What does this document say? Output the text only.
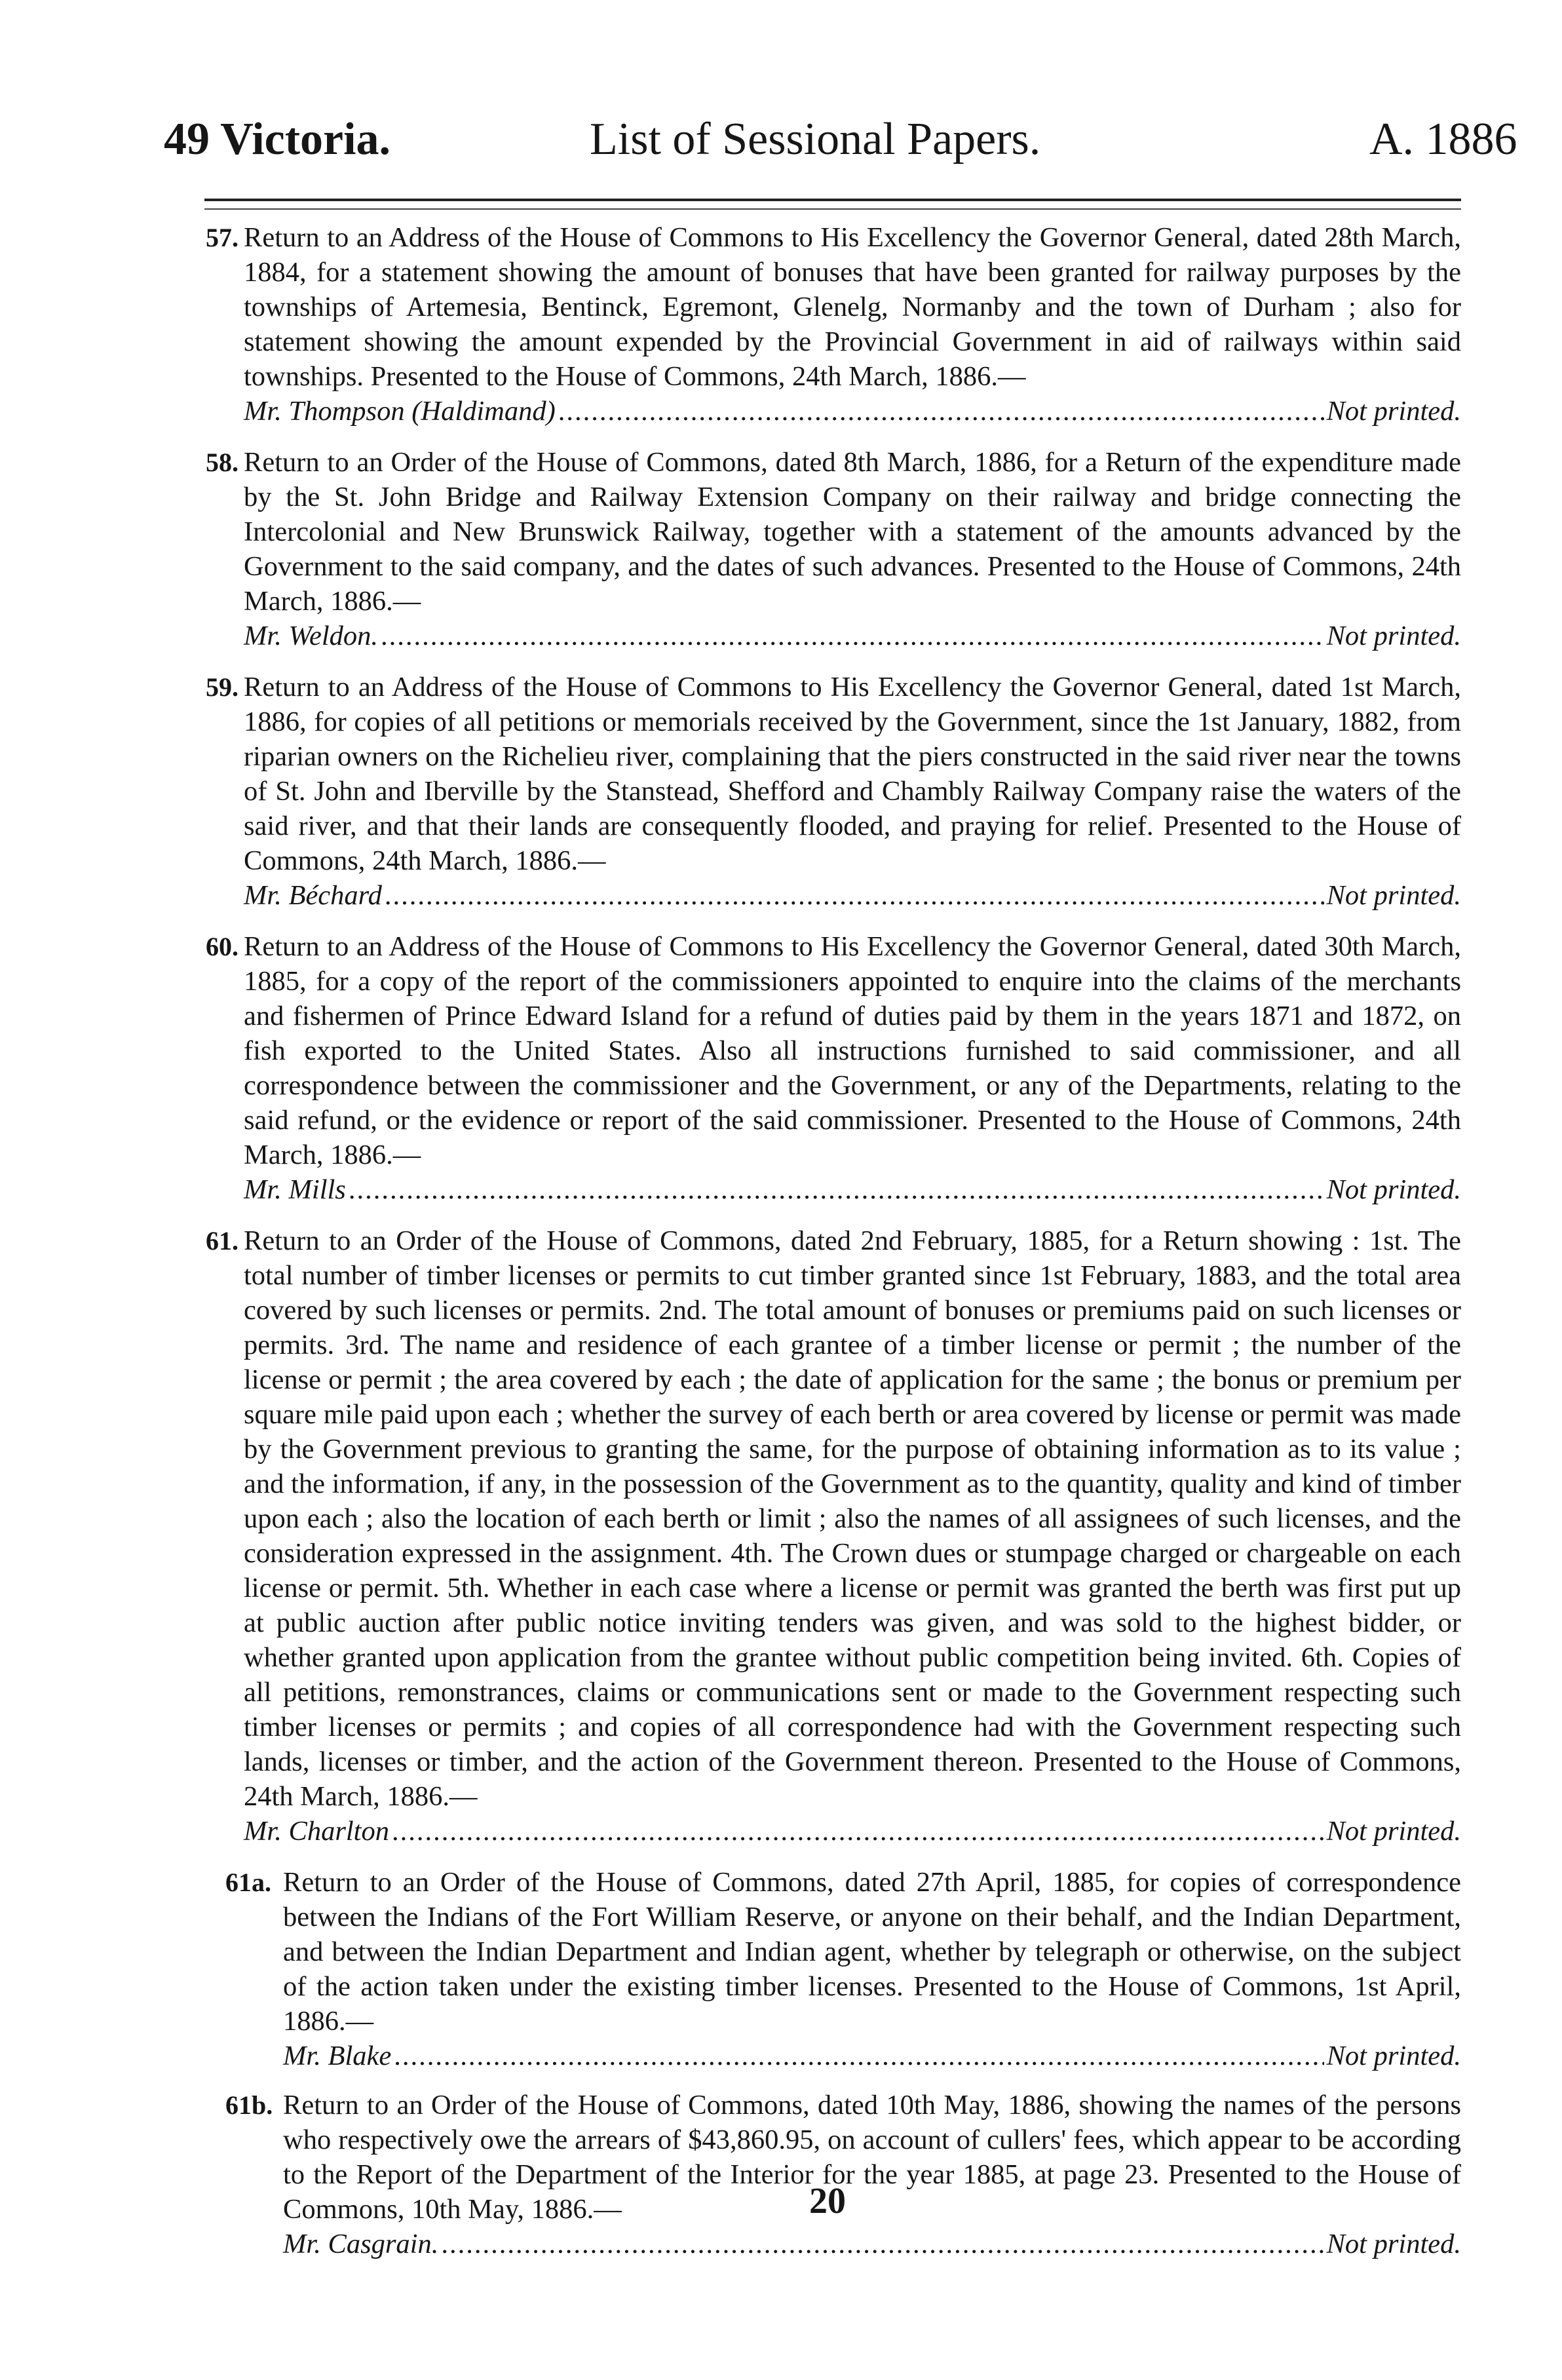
49 Victoria.	List of Sessional Papers.	A. 1886
57. Return to an Address of the House of Commons to His Excellency the Governor General, dated 28th March, 1884, for a statement showing the amount of bonuses that have been granted for railway purposes by the townships of Artemesia, Bentinck, Egremont, Glenelg, Normanby and the town of Durham ; also for statement showing the amount expended by the Provincial Government in aid of railways within said townships. Presented to the House of Commons, 24th March, 1886.—
Mr. Thompson (Haldimand) .....	Not printed.
58. Return to an Order of the House of Commons, dated 8th March, 1886, for a Return of the expenditure made by the St. John Bridge and Railway Extension Company on their railway and bridge connecting the Intercolonial and New Brunswick Railway, together with a statement of the amounts advanced by the Government to the said company, and the dates of such advances. Presented to the House of Commons, 24th March, 1886.—
Mr. Weldon. .....	Not printed.
59. Return to an Address of the House of Commons to His Excellency the Governor General, dated 1st March, 1886, for copies of all petitions or memorials received by the Government, since the 1st January, 1882, from riparian owners on the Richelieu river, complaining that the piers constructed in the said river near the towns of St. John and Iberville by the Stanstead, Shefford and Chambly Railway Company raise the waters of the said river, and that their lands are consequently flooded, and praying for relief. Presented to the House of Commons, 24th March, 1886.—
Mr. Béchard .....	Not printed.
60. Return to an Address of the House of Commons to His Excellency the Governor General, dated 30th March, 1885, for a copy of the report of the commissioners appointed to enquire into the claims of the merchants and fishermen of Prince Edward Island for a refund of duties paid by them in the years 1871 and 1872, on fish exported to the United States. Also all instructions furnished to said commissioner, and all correspondence between the commissioner and the Government, or any of the Departments, relating to the said refund, or the evidence or report of the said commissioner. Presented to the House of Commons, 24th March, 1886.—
Mr. Mills .....	Not printed.
61. Return to an Order of the House of Commons, dated 2nd February, 1885, for a Return showing : 1st. The total number of timber licenses or permits to cut timber granted since 1st February, 1883, and the total area covered by such licenses or permits. 2nd. The total amount of bonuses or premiums paid on such licenses or permits. 3rd. The name and residence of each grantee of a timber license or permit ; the number of the license or permit ; the area covered by each ; the date of application for the same ; the bonus or premium per square mile paid upon each ; whether the survey of each berth or area covered by license or permit was made by the Government previous to granting the same, for the purpose of obtaining information as to its value ; and the information, if any, in the possession of the Government as to the quantity, quality and kind of timber upon each ; also the location of each berth or limit ; also the names of all assignees of such licenses, and the consideration expressed in the assignment. 4th. The Crown dues or stumpage charged or chargeable on each license or permit. 5th. Whether in each case where a license or permit was granted the berth was first put up at public auction after public notice inviting tenders was given, and was sold to the highest bidder, or whether granted upon application from the grantee without public competition being invited. 6th. Copies of all petitions, remonstrances, claims or communications sent or made to the Government respecting such timber licenses or permits ; and copies of all correspondence had with the Government respecting such lands, licenses or timber, and the action of the Government thereon. Presented to the House of Commons, 24th March, 1886.—
Mr. Charlton .....	Not printed.
61a. Return to an Order of the House of Commons, dated 27th April, 1885, for copies of correspondence between the Indians of the Fort William Reserve, or anyone on their behalf, and the Indian Department, and between the Indian Department and Indian agent, whether by telegraph or otherwise, on the subject of the action taken under the existing timber licenses. Presented to the House of Commons, 1st April, 1886.—
Mr. Blake .....	Not printed.
61b. Return to an Order of the House of Commons, dated 10th May, 1886, showing the names of the persons who respectively owe the arrears of $43,860.95, on account of cullers' fees, which appear to be according to the Report of the Department of the Interior for the year 1885, at page 23. Presented to the House of Commons, 10th May, 1886.—
Mr. Casgrain. .....	Not printed.
20
